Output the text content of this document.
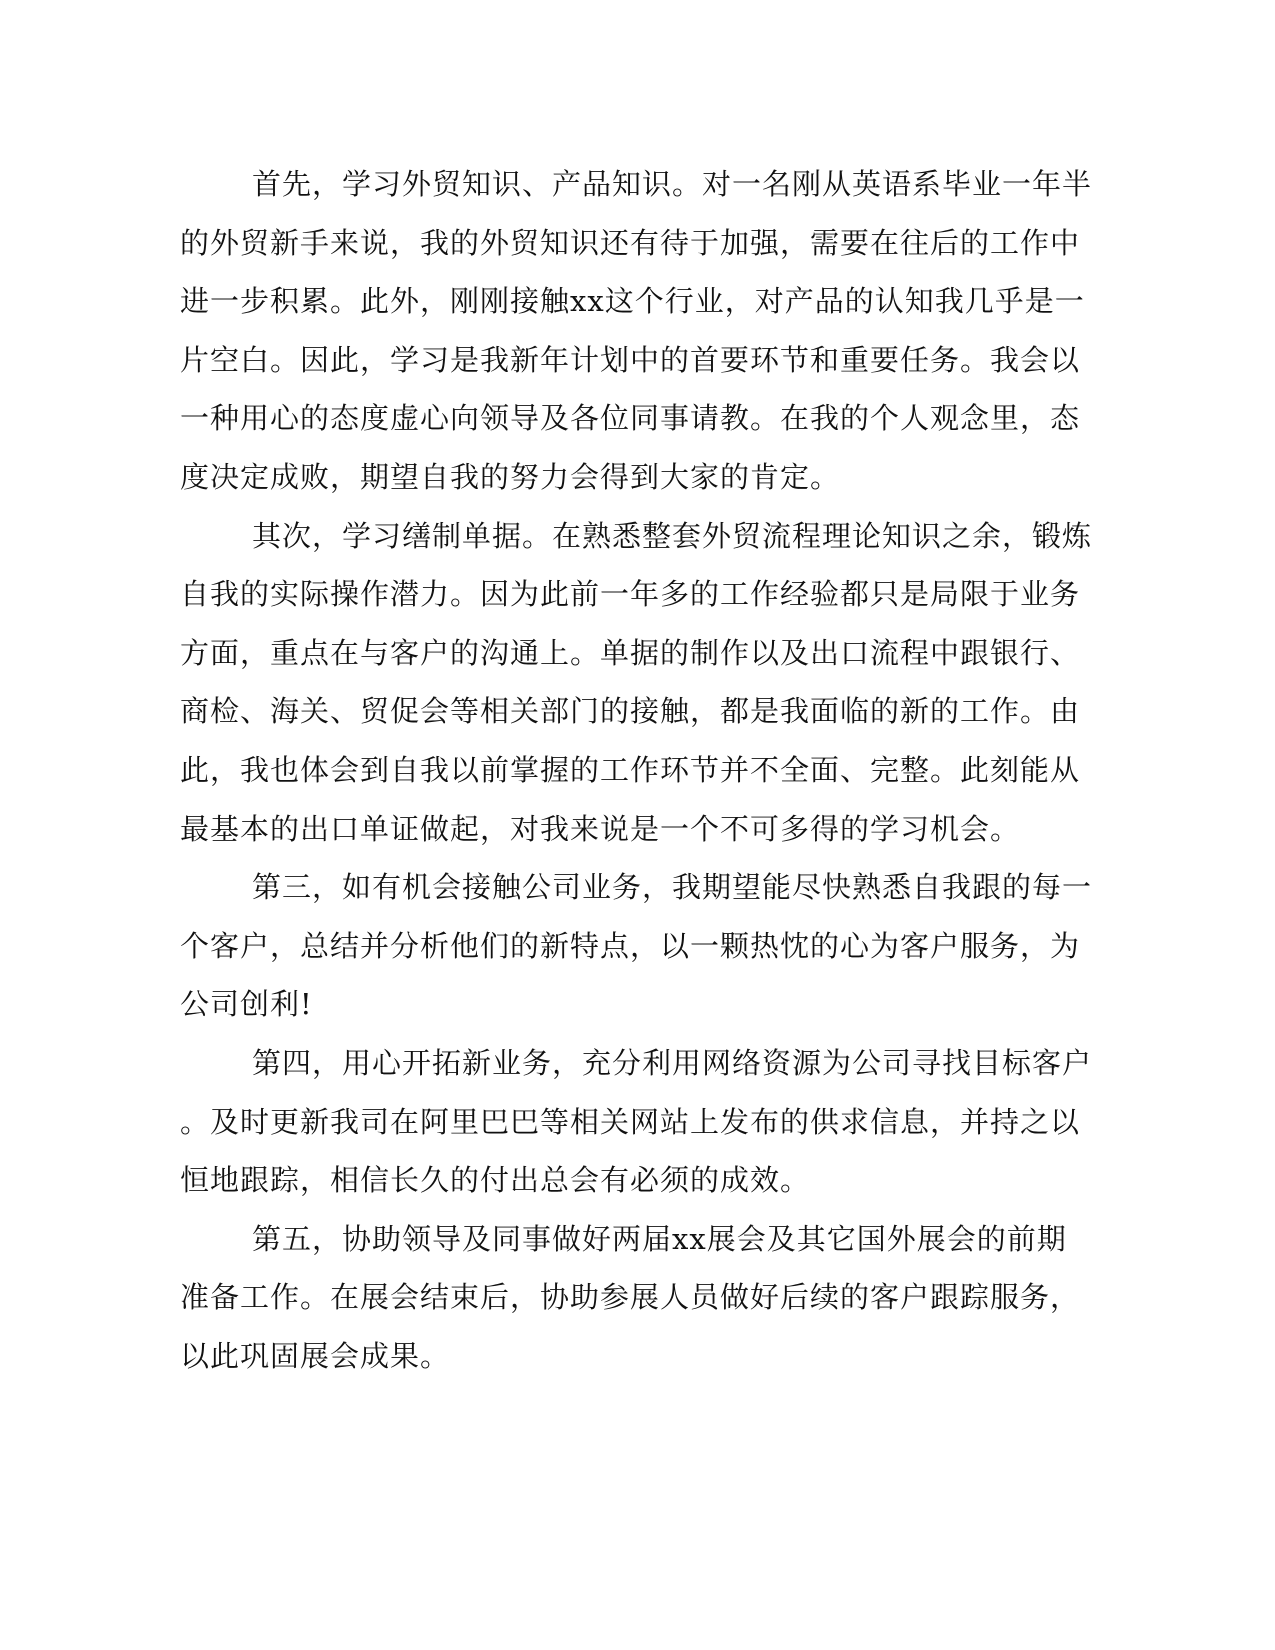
首先，学习外贸知识、产品知识。对一名刚从英语系毕业一年半
的外贸新手来说，我的外贸知识还有待于加强，需要在往后的工作中
进一步积累。此外，刚刚接触xx这个行业，对产品的认知我几乎是一
片空白。因此，学习是我新年计划中的首要环节和重要任务。我会以
一种用心的态度虚心向领导及各位同事请教。在我的个人观念里，态
度决定成败，期望自我的努力会得到大家的肯定。
其次，学习缮制单据。在熟悉整套外贸流程理论知识之余，锻炼
自我的实际操作潜力。因为此前一年多的工作经验都只是局限于业务
方面，重点在与客户的沟通上。单据的制作以及出口流程中跟银行、
商检、海关、贸促会等相关部门的接触，都是我面临的新的工作。由
此，我也体会到自我以前掌握的工作环节并不全面、完整。此刻能从
最基本的出口单证做起，对我来说是一个不可多得的学习机会。
第三，如有机会接触公司业务，我期望能尽快熟悉自我跟的每一
个客户，总结并分析他们的新特点，以一颗热忱的心为客户服务，为
公司创利!
第四，用心开拓新业务，充分利用网络资源为公司寻找目标客户
。及时更新我司在阿里巴巴等相关网站上发布的供求信息，并持之以
恒地跟踪，相信长久的付出总会有必须的成效。
第五，协助领导及同事做好两届xx展会及其它国外展会的前期
准备工作。在展会结束后，协助参展人员做好后续的客户跟踪服务，
以此巩固展会成果。
